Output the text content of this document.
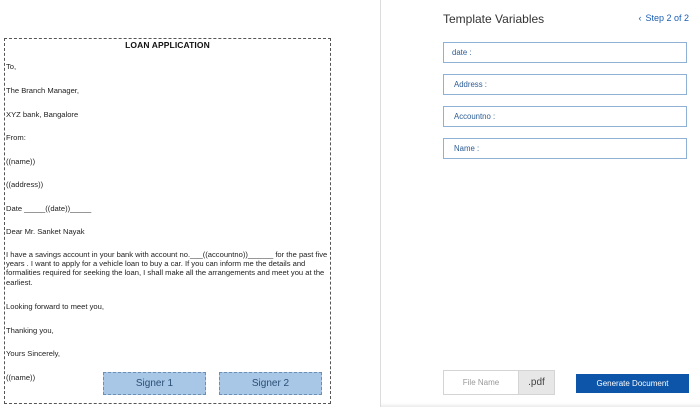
LOAN APPLICATION
To,
The Branch Manager,
XYZ bank, Bangalore
From:
((name))
((address))
Date _____((date))_____
Dear Mr. Sanket Nayak
I have a savings account in your bank with account no.___((accountno))______ for the past five years . I want to apply for a vehicle loan to buy a car. If you can inform me the details and formalities required for seeking the loan, I shall make all the arrangements and meet you at the earliest.
Looking forward to meet you,
Thanking you,
Yours Sincerely,
((name))
Signer 1	Signer 2
Template Variables	‹ Step 2 of 2
date :
Address :
Accountno :
Name :
File Name	.pdf	Generate Document
